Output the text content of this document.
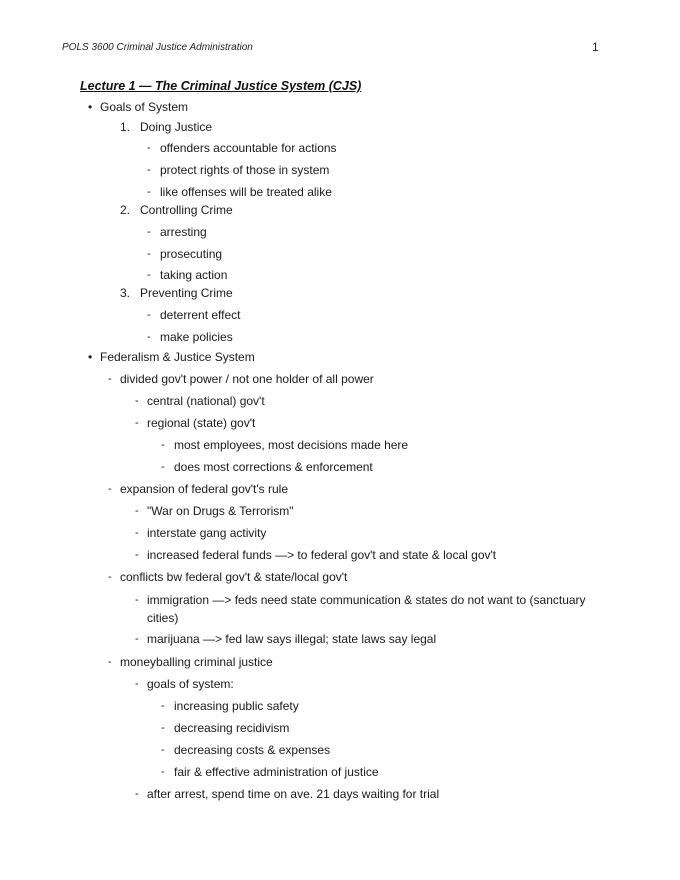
POLS 3600 Criminal Justice Administration	1
Lecture 1 — The Criminal Justice System (CJS)
• Goals of System
1. Doing Justice
- offenders accountable for actions
- protect rights of those in system
- like offenses will be treated alike
2. Controlling Crime
- arresting
- prosecuting
- taking action
3. Preventing Crime
- deterrent effect
- make policies
• Federalism & Justice System
- divided gov't power / not one holder of all power
- central (national) gov't
- regional (state) gov't
- most employees, most decisions made here
- does most corrections & enforcement
- expansion of federal gov't's rule
- "War on Drugs & Terrorism"
- interstate gang activity
- increased federal funds —> to federal gov't and state & local gov't
- conflicts bw federal gov't & state/local gov't
- immigration —> feds need state communication & states do not want to (sanctuary
cities)
- marijuana —> fed law says illegal; state laws say legal
- moneyballing criminal justice
- goals of system:
- increasing public safety
- decreasing recidivism
- decreasing costs & expenses
- fair & effective administration of justice
- after arrest, spend time on ave. 21 days waiting for trial
